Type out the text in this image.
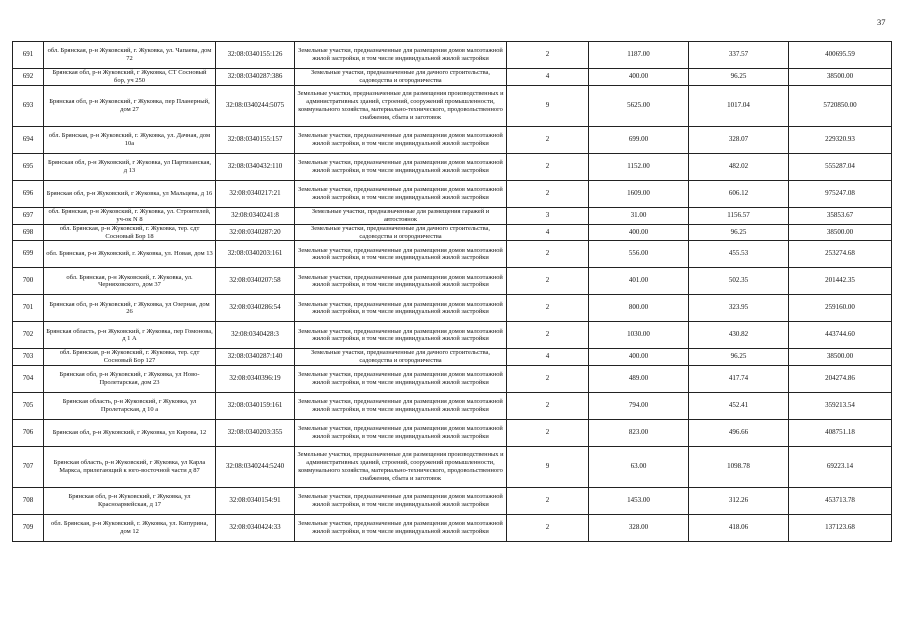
37
691	обл. Брянская, р-н Жуковский, г. Жуковка, ул. Чапаева, дом 72	32:08:0340155:126	Земельные участки, предназначенные для размещения домов малоэтажной жилой застройки, в том числе индивидуальной жилой застройки	2	1187.00	337.57	400695.59
692	Брянская обл, р-н Жуковский, г Жуковка, СТ Сосновый бор, уч 250	32:08:0340287:386	Земельные участки, предназначенные для дачного строительства, садоводства и огородничества	4	400.00	96.25	38500.00
693	Брянская обл, р-н Жуковский, г Жуковка, пер Планерный, дом 27	32:08:0340244:5075	Земельные участки, предназначенные для размещения производственных и административных зданий, строений, сооружений промышленности, коммунального хозяйства, материально-технического, продовольственного снабжения, сбыта и заготовок	9	5625.00	1017.04	5720850.00
694	обл. Брянская, р-н Жуковский, г. Жуковка, ул. Дачная, дом 10а	32:08:0340155:157	Земельные участки, предназначенные для размещения домов малоэтажной жилой застройки, в том числе индивидуальной жилой застройки	2	699.00	328.07	229320.93
695	Брянская обл, р-н Жуковский, г Жуковка, ул Партизанская, д 13	32:08:0340432:110	Земельные участки, предназначенные для размещения домов малоэтажной жилой застройки, в том числе индивидуальной жилой застройки	2	1152.00	482.02	555287.04
696	Брянская обл, р-н Жуковский, г Жуковка, ул Мальцева, д 16	32:08:0340217:21	Земельные участки, предназначенные для размещения домов малоэтажной жилой застройки, в том числе индивидуальной жилой застройки	2	1609.00	606.12	975247.08
697	обл. Брянская, р-н Жуковский, г. Жуковка, ул. Строителей, уч-ок N 8	32:08:0340241:8	Земельные участки, предназначенные для размещения гаражей и автостоянок	3	31.00	1156.57	35853.67
698	обл. Брянская, р-н Жуковский, г. Жуковка, тер. сдт Сосновый Бор 18	32:08:0340287:20	Земельные участки, предназначенные для дачного строительства, садоводства и огородничества	4	400.00	96.25	38500.00
699	обл. Брянская, р-н Жуковский, г. Жуковка, ул. Новая, дом 13	32:08:0340203:161	Земельные участки, предназначенные для размещения домов малоэтажной жилой застройки, в том числе индивидуальной жилой застройки	2	556.00	455.53	253274.68
700	обл. Брянская, р-н Жуковский, г. Жуковка, ул. Черняховского, дом 37	32:08:0340207:58	Земельные участки, предназначенные для размещения домов малоэтажной жилой застройки, в том числе индивидуальной жилой застройки	2	401.00	502.35	201442.35
701	Брянская обл, р-н Жуковский, г Жуковка, ул Озерная, дом 26	32:08:0340286:54	Земельные участки, предназначенные для размещения домов малоэтажной жилой застройки, в том числе индивидуальной жилой застройки	2	800.00	323.95	259160.00
702	Брянская область, р-н Жуковский, г Жуковка, пер Гомонова, д 1 А	32:08:0340428:3	Земельные участки, предназначенные для размещения домов малоэтажной жилой застройки, в том числе индивидуальной жилой застройки	2	1030.00	430.82	443744.60
703	обл. Брянская, р-н Жуковский, г. Жуковка, тер. сдт Сосновый Бор 127	32:08:0340287:140	Земельные участки, предназначенные для дачного строительства, садоводства и огородничества	4	400.00	96.25	38500.00
704	Брянская обл, р-н Жуковский, г Жуковка, ул Ново-Пролетарская, дом 23	32:08:0340396:19	Земельные участки, предназначенные для размещения домов малоэтажной жилой застройки, в том числе индивидуальной жилой застройки	2	489.00	417.74	204274.86
705	Брянская область, р-н Жуковский, г Жуковка, ул Пролетарская, д 10 а	32:08:0340159:161	Земельные участки, предназначенные для размещения домов малоэтажной жилой застройки, в том числе индивидуальной жилой застройки	2	794.00	452.41	359213.54
706	Брянская обл, р-н Жуковский, г Жуковка, ул Кирова, 12	32:08:0340203:355	Земельные участки, предназначенные для размещения домов малоэтажной жилой застройки, в том числе индивидуальной жилой застройки	2	823.00	496.66	408751.18
707	Брянская область, р-н Жуковский, г Жуковка, ул Карла Маркса, прилегающий к юго-восточной части д 87	32:08:0340244:5240	Земельные участки, предназначенные для размещения производственных и административных зданий, строений, сооружений промышленности, коммунального хозяйства, материально-технического, продовольственного снабжения, сбыта и заготовок	9	63.00	1098.78	69223.14
708	Брянская обл, р-н Жуковский, г Жуковка, ул Красноармейская, д 17	32:08:0340154:91	Земельные участки, предназначенные для размещения домов малоэтажной жилой застройки, в том числе индивидуальной жилой застройки	2	1453.00	312.26	453713.78
709	обл. Брянская, р-н Жуковский, г. Жуковка, ул. Кипурина, дом 12	32:08:0340424:33	Земельные участки, предназначенные для размещения домов малоэтажной жилой застройки, в том числе индивидуальной жилой застройки	2	328.00	418.06	137123.68
